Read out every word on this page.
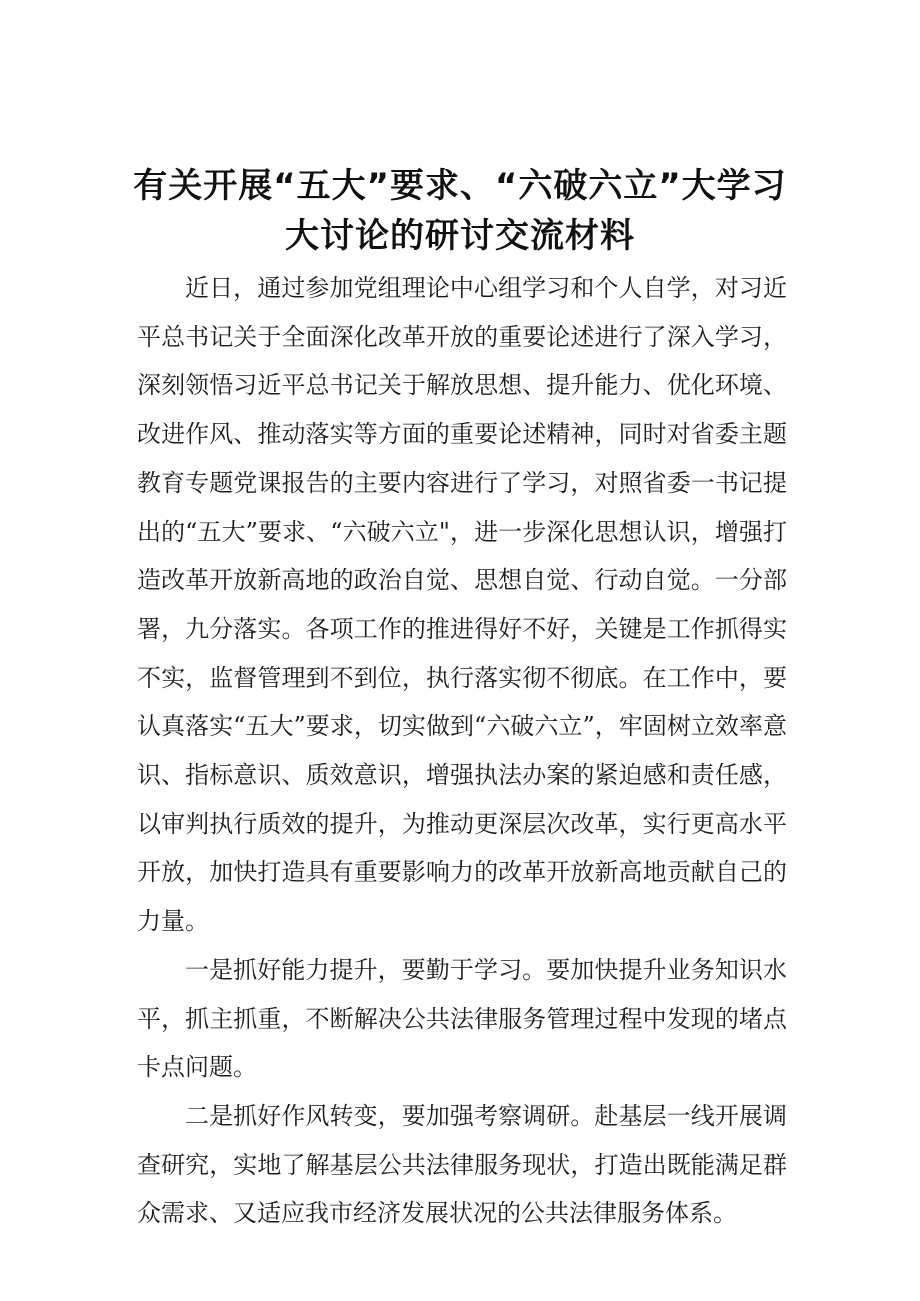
有关开展“五大”要求、“六破六立”大学习
大讨论的研讨交流材料

近日，通过参加党组理论中心组学习和个人自学，对习近平总书记关于全面深化改革开放的重要论述进行了深入学习，深刻领悟习近平总书记关于解放思想、提升能力、优化环境、改进作风、推动落实等方面的重要论述精神，同时对省委主题教育专题党课报告的主要内容进行了学习，对照省委一书记提出的“五大”要求、“六破六立"，进一步深化思想认识，增强打造改革开放新高地的政治自觉、思想自觉、行动自觉。一分部署，九分落实。各项工作的推进得好不好，关键是工作抓得实不实，监督管理到不到位，执行落实彻不彻底。在工作中，要认真落实“五大”要求，切实做到“六破六立”，牢固树立效率意识、指标意识、质效意识，增强执法办案的紧迫感和责任感，以审判执行质效的提升，为推动更深层次改革，实行更高水平开放，加快打造具有重要影响力的改革开放新高地贡献自己的力量。

一是抓好能力提升，要勤于学习。要加快提升业务知识水平，抓主抓重，不断解决公共法律服务管理过程中发现的堵点卡点问题。

二是抓好作风转变，要加强考察调研。赴基层一线开展调查研究，实地了解基层公共法律服务现状，打造出既能满足群众需求、又适应我市经济发展状况的公共法律服务体系。
